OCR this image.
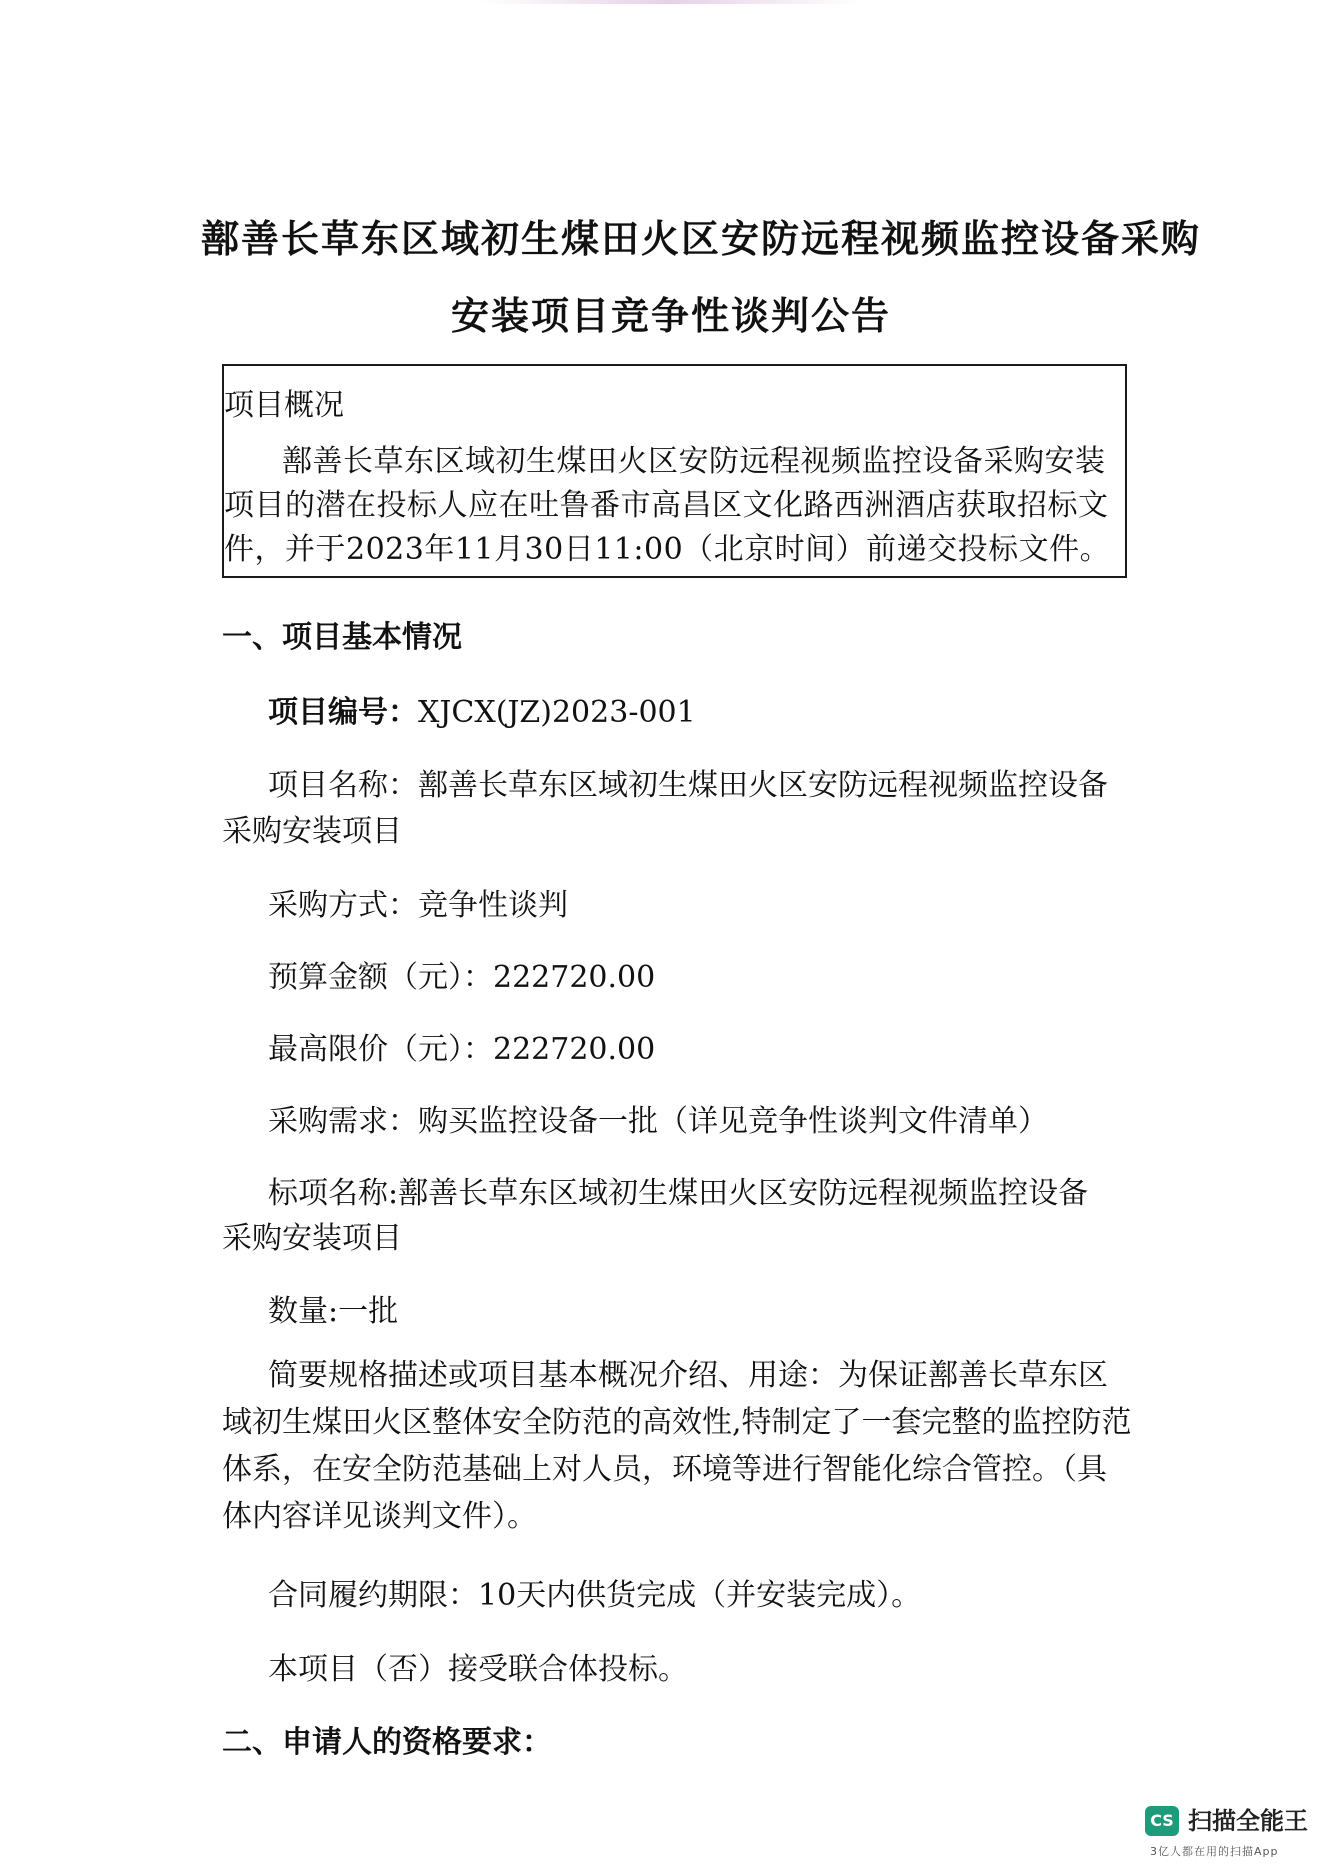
鄯善长草东区域初生煤田火区安防远程视频监控设备采购
安装项目竞争性谈判公告
项目概况
鄯善长草东区域初生煤田火区安防远程视频监控设备采购安装项目的潜在投标人应在吐鲁番市高昌区文化路西洲酒店获取招标文件，并于2023年11月30日11:00（北京时间）前递交投标文件。
一、项目基本情况
项目编号：XJCX(JZ)2023-001
项目名称：鄯善长草东区域初生煤田火区安防远程视频监控设备
采购安装项目
采购方式：竞争性谈判
预算金额（元）：222720.00
最高限价（元）：222720.00
采购需求：购买监控设备一批（详见竞争性谈判文件清单）
标项名称:鄯善长草东区域初生煤田火区安防远程视频监控设备
采购安装项目
数量:一批
简要规格描述或项目基本概况介绍、用途：为保证鄯善长草东区域初生煤田火区整体安全防范的高效性,特制定了一套完整的监控防范体系，在安全防范基础上对人员，环境等进行智能化综合管控。（具体内容详见谈判文件）。
合同履约期限：10天内供货完成（并安装完成）。
本项目（否）接受联合体投标。
二、申请人的资格要求：
CS 扫描全能王
3亿人都在用的扫描App
